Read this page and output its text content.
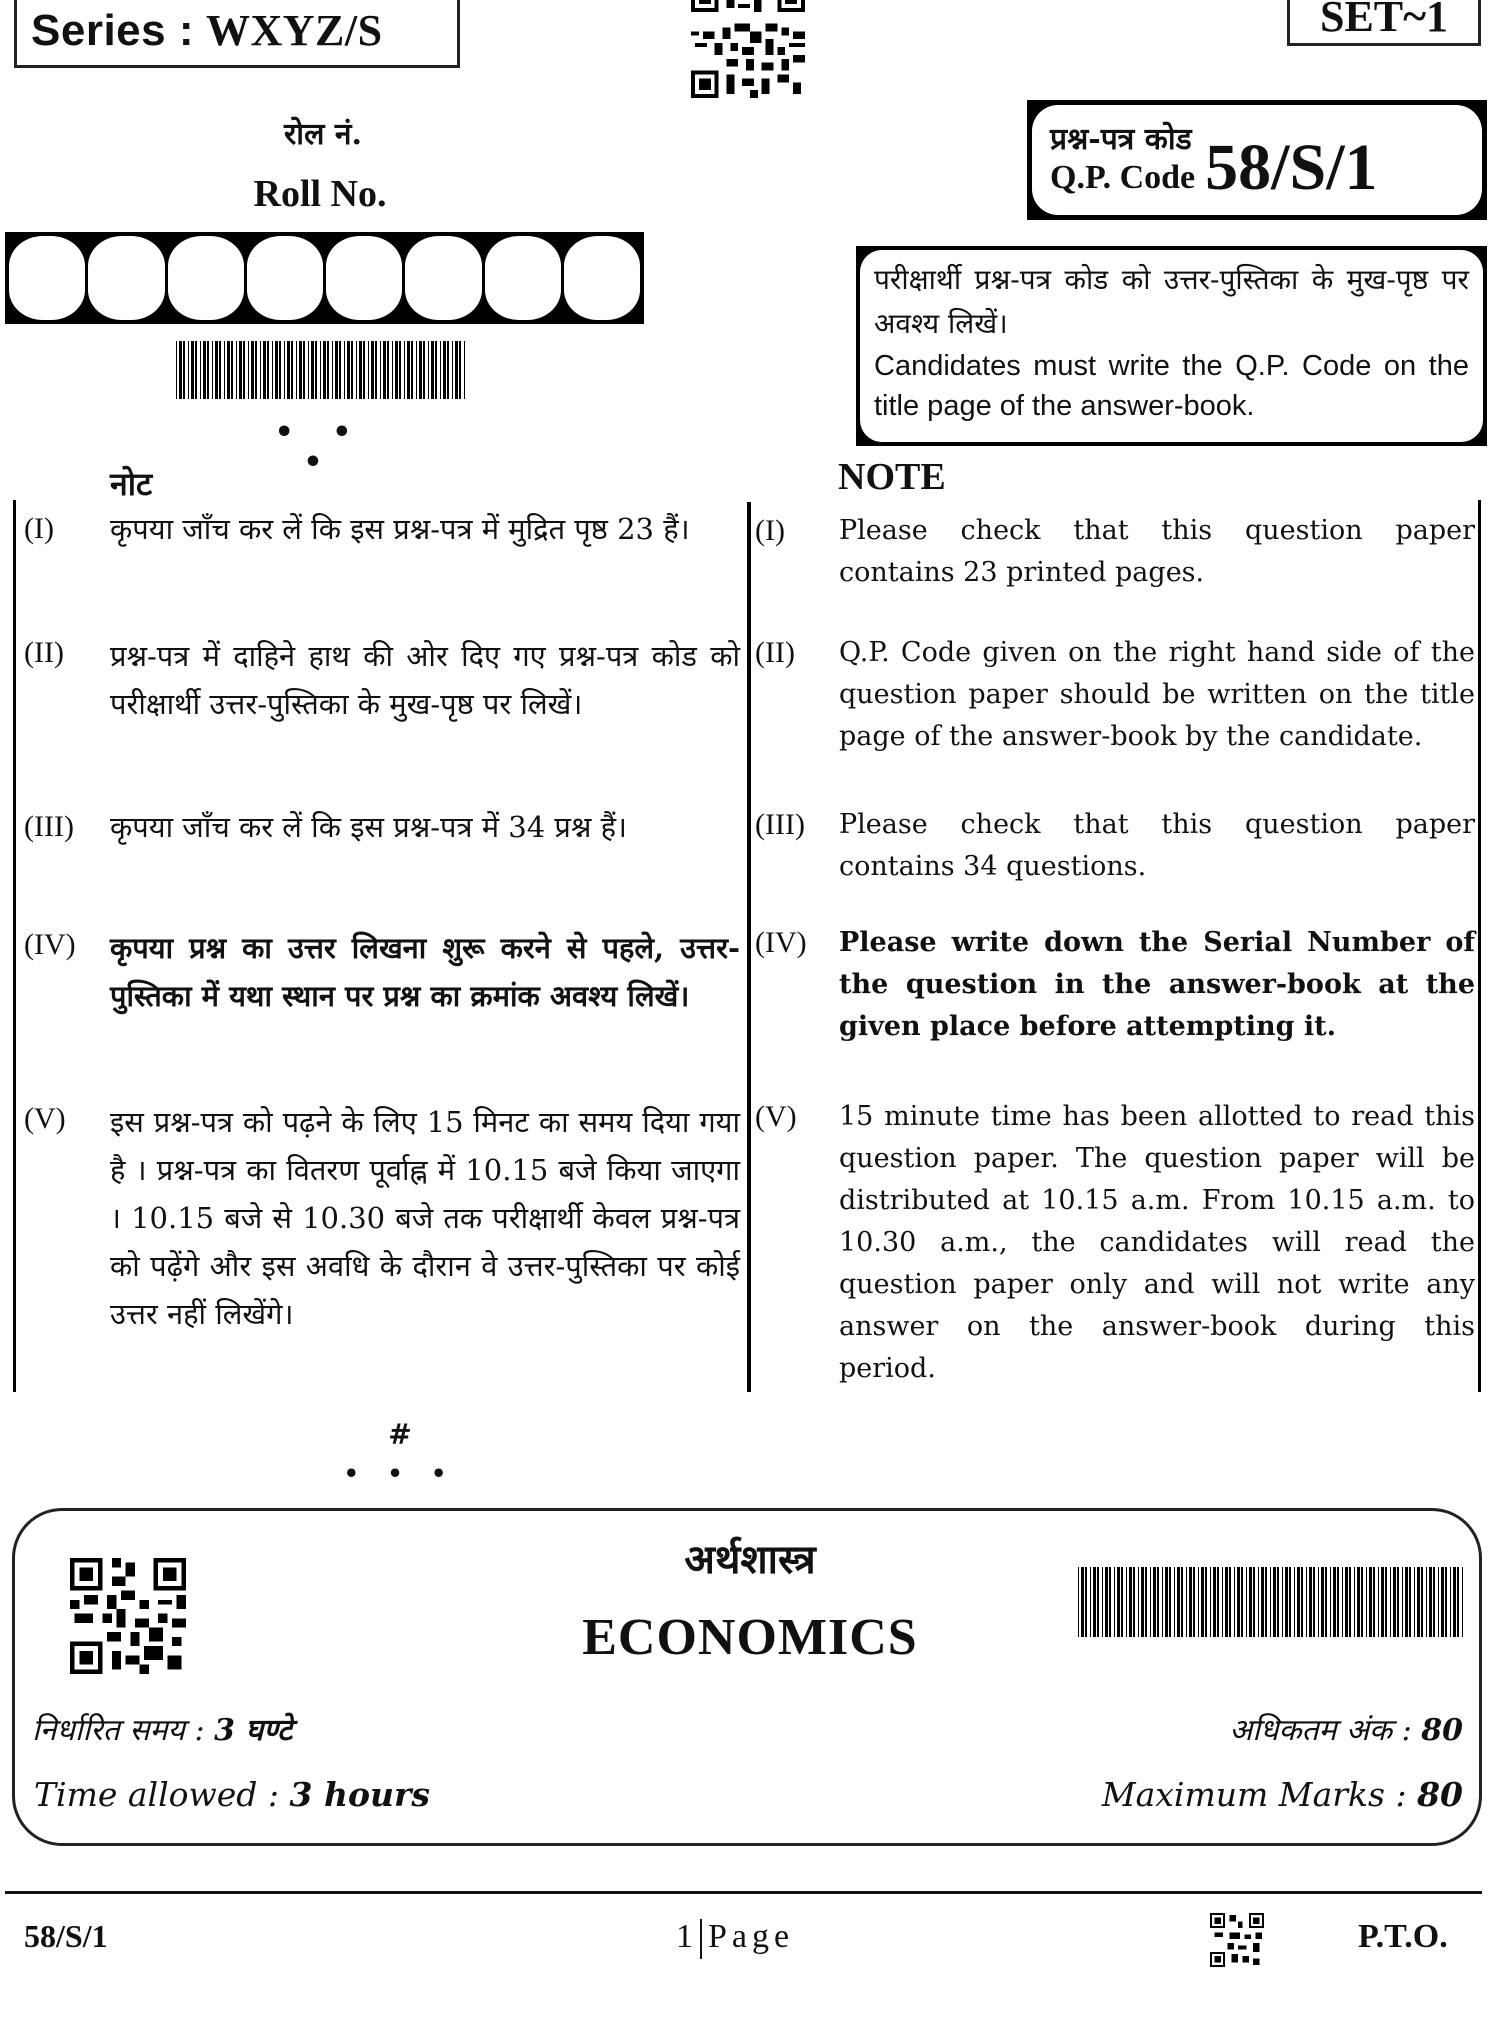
Series : WXYZ/S	SET~1
रोल नं.
Roll No.
• • •
प्रश्न-पत्र कोड
Q.P. Code 58/S/1
परीक्षार्थी प्रश्न-पत्र कोड को उत्तर-पुस्तिका के मुख-पृष्ठ पर अवश्य लिखें।
Candidates must write the Q.P. Code on the title page of the answer-book.
नोट	NOTE
(I)	कृपया जाँच कर लें कि इस प्रश्न-पत्र में मुद्रित पृष्ठ 23 हैं।
(II)	प्रश्न-पत्र में दाहिने हाथ की ओर दिए गए प्रश्न-पत्र कोड को परीक्षार्थी उत्तर-पुस्तिका के मुख-पृष्ठ पर लिखें।
(III)	कृपया जाँच कर लें कि इस प्रश्न-पत्र में 34 प्रश्न हैं।
(IV)	कृपया प्रश्न का उत्तर लिखना शुरू करने से पहले, उत्तर-पुस्तिका में यथा स्थान पर प्रश्न का क्रमांक अवश्य लिखें।
(V)	इस प्रश्न-पत्र को पढ़ने के लिए 15 मिनट का समय दिया गया है । प्रश्न-पत्र का वितरण पूर्वाह्न में 10.15 बजे किया जाएगा । 10.15 बजे से 10.30 बजे तक परीक्षार्थी केवल प्रश्न-पत्र को पढ़ेंगे और इस अवधि के दौरान वे उत्तर-पुस्तिका पर कोई उत्तर नहीं लिखेंगे।
(I)	Please check that this question paper contains 23 printed pages.
(II)	Q.P. Code given on the right hand side of the question paper should be written on the title page of the answer-book by the candidate.
(III)	Please check that this question paper contains 34 questions.
(IV)	Please write down the Serial Number of the question in the answer-book at the given place before attempting it.
(V)	15 minute time has been allotted to read this question paper. The question paper will be distributed at 10.15 a.m. From 10.15 a.m. to 10.30 a.m., the candidates will read the question paper only and will not write any answer on the answer-book during this period.
#
• • •
अर्थशास्त्र
ECONOMICS
निर्धारित समय : 3 घण्टे
Time allowed : 3 hours
अधिकतम अंक : 80
Maximum Marks : 80
58/S/1	1 Page	P.T.O.
